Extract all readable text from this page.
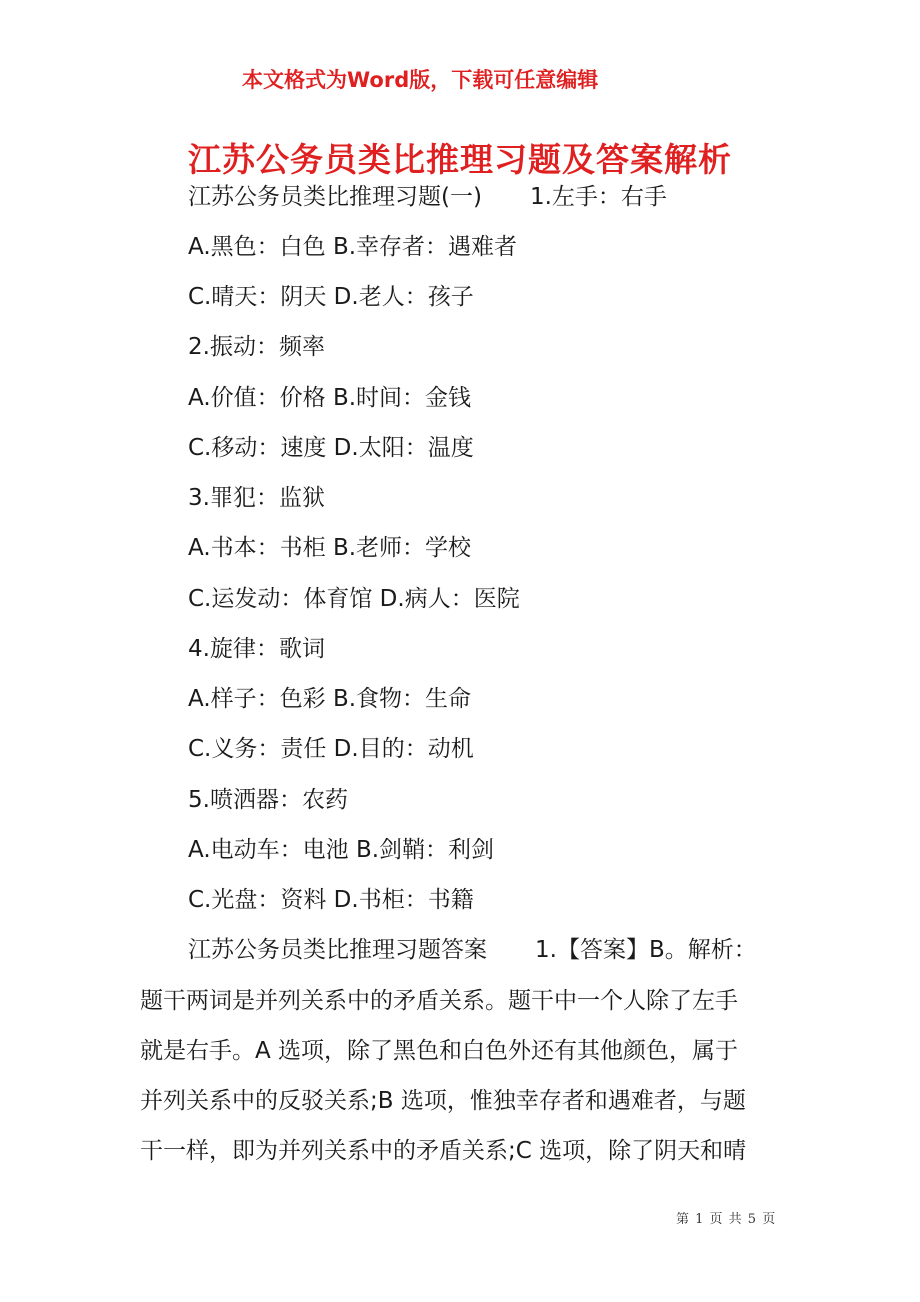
本文格式为Word版，下载可任意编辑
江苏公务员类比推理习题及答案解析
江苏公务员类比推理习题(一) 1.左手：右手
A.黑色：白色 B.幸存者：遇难者
C.晴天：阴天 D.老人：孩子
2.振动：频率
A.价值：价格 B.时间：金钱
C.移动：速度 D.太阳：温度
3.罪犯：监狱
A.书本：书柜 B.老师：学校
C.运发动：体育馆 D.病人：医院
4.旋律：歌词
A.样子：色彩 B.食物：生命
C.义务：责任 D.目的：动机
5.喷洒器：农药
A.电动车：电池 B.剑鞘：利剑
C.光盘：资料 D.书柜：书籍
江苏公务员类比推理习题答案 1.【答案】B。解析：
题干两词是并列关系中的矛盾关系。题干中一个人除了左手
就是右手。A 选项，除了黑色和白色外还有其他颜色，属于
并列关系中的反驳关系;B 选项，惟独幸存者和遇难者，与题
干一样，即为并列关系中的矛盾关系;C 选项，除了阴天和晴
第 1 页 共 5 页
